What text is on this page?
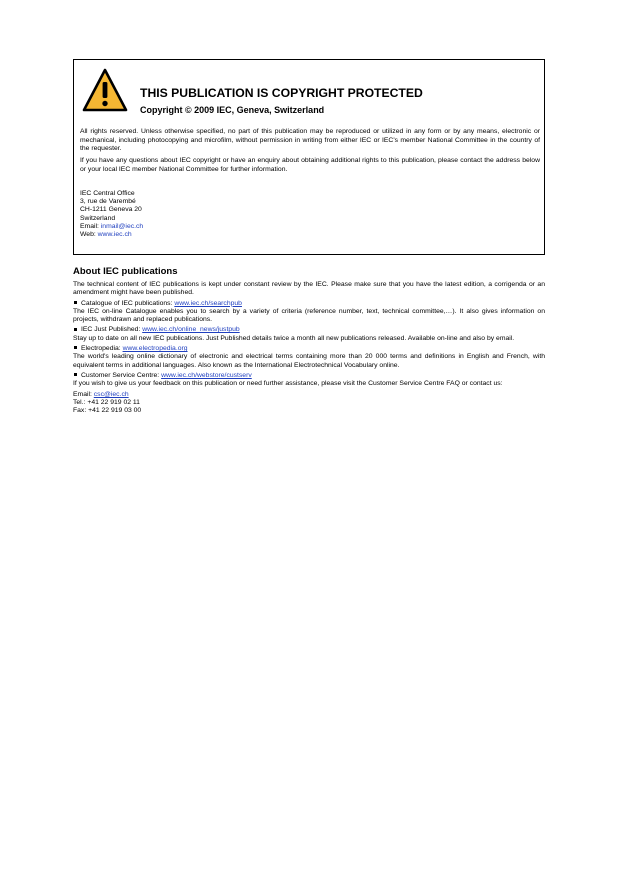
THIS PUBLICATION IS COPYRIGHT PROTECTED
Copyright © 2009 IEC, Geneva, Switzerland

All rights reserved. Unless otherwise specified, no part of this publication may be reproduced or utilized in any form or by any means, electronic or mechanical, including photocopying and microfilm, without permission in writing from either IEC or IEC's member National Committee in the country of the requester.

If you have any questions about IEC copyright or have an enquiry about obtaining additional rights to this publication, please contact the address below or your local IEC member National Committee for further information.

IEC Central Office
3, rue de Varembé
CH-1211 Geneva 20
Switzerland
Email: inmail@iec.ch
Web: www.iec.ch
About IEC publications

The technical content of IEC publications is kept under constant review by the IEC. Please make sure that you have the latest edition, a corrigenda or an amendment might have been published.

Catalogue of IEC publications: www.iec.ch/searchpub

The IEC on-line Catalogue enables you to search by a variety of criteria (reference number, text, technical committee,…). It also gives information on projects, withdrawn and replaced publications.

IEC Just Published: www.iec.ch/online_news/justpub

Stay up to date on all new IEC publications. Just Published details twice a month all new publications released. Available on-line and also by email.

Electropedia: www.electropedia.org

The world's leading online dictionary of electronic and electrical terms containing more than 20 000 terms and definitions in English and French, with equivalent terms in additional languages. Also known as the International Electrotechnical Vocabulary online.

Customer Service Centre: www.iec.ch/webstore/custserv

If you wish to give us your feedback on this publication or need further assistance, please visit the Customer Service Centre FAQ or contact us:

Email: csc@iec.ch
Tel.: +41 22 919 02 11
Fax: +41 22 919 03 00
